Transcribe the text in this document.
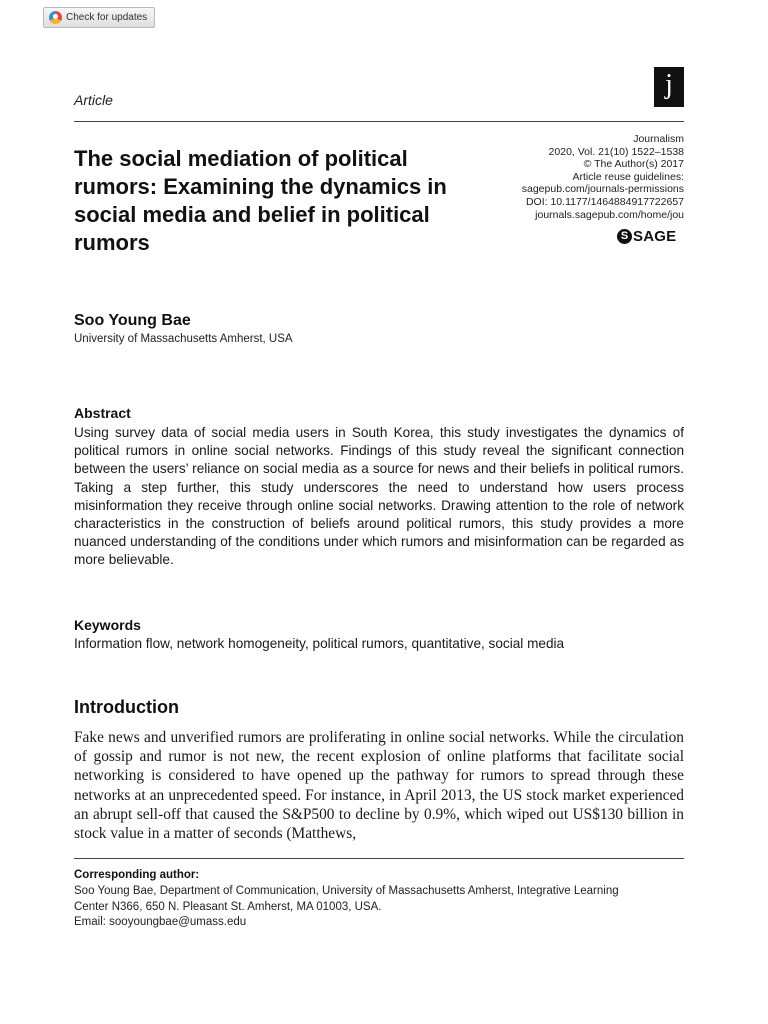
Check for updates
Article	j
The social mediation of political rumors: Examining the dynamics in social media and belief in political rumors
Journalism
2020, Vol. 21(10) 1522–1538
© The Author(s) 2017
Article reuse guidelines:
sagepub.com/journals-permissions
DOI: 10.1177/1464884917722657
journals.sagepub.com/home/jou
S SAGE
Soo Young Bae
University of Massachusetts Amherst, USA
Abstract

Using survey data of social media users in South Korea, this study investigates the dynamics of political rumors in online social networks. Findings of this study reveal the significant connection between the users’ reliance on social media as a source for news and their beliefs in political rumors. Taking a step further, this study underscores the need to understand how users process misinformation they receive through online social networks. Drawing attention to the role of network characteristics in the construction of beliefs around political rumors, this study provides a more nuanced understanding of the conditions under which rumors and misinformation can be regarded as more believable.

Keywords

Information flow, network homogeneity, political rumors, quantitative, social media

Introduction

Fake news and unverified rumors are proliferating in online social networks. While the circulation of gossip and rumor is not new, the recent explosion of online platforms that facilitate social networking is considered to have opened up the pathway for rumors to spread through these networks at an unprecedented speed. For instance, in April 2013, the US stock market experienced an abrupt sell-off that caused the S&P500 to decline by 0.9%, which wiped out US$130 billion in stock value in a matter of seconds (Matthews,

Corresponding author:

Soo Young Bae, Department of Communication, University of Massachusetts Amherst, Integrative Learning
Center N366, 650 N. Pleasant St. Amherst, MA 01003, USA.
Email: sooyoungbae@umass.edu
